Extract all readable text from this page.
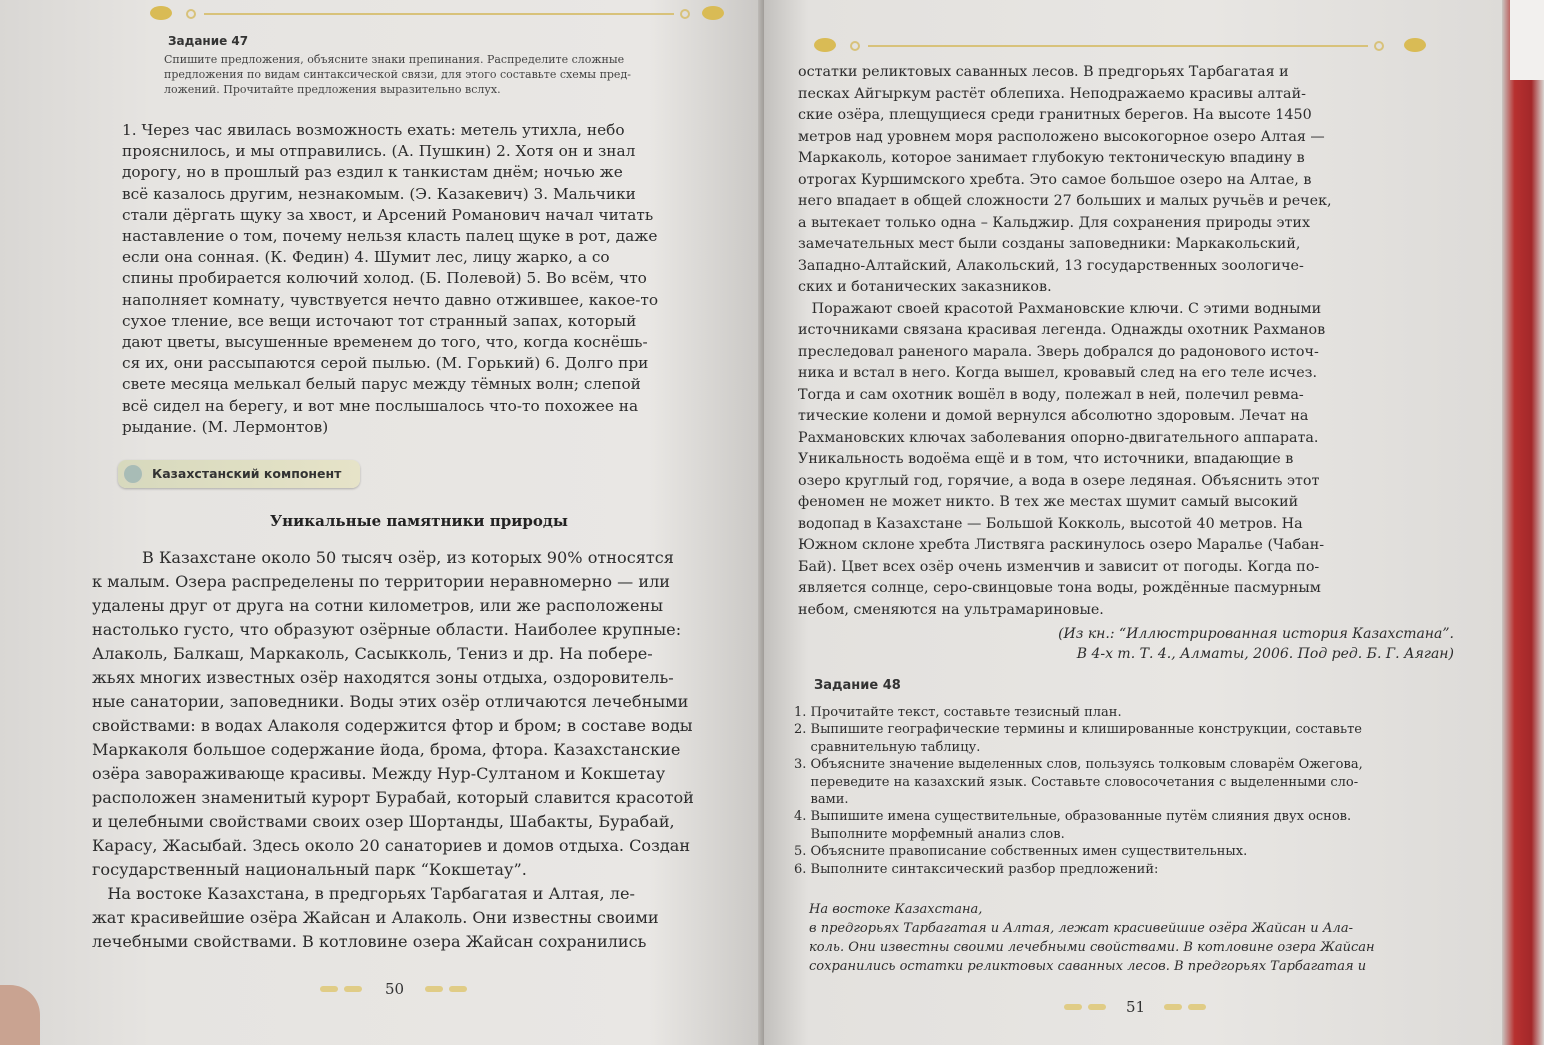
Задание 47
Спишите предложения, объясните знаки препинания. Распределите сложные
предложения по видам синтаксической связи, для этого составьте схемы пред-
ложений. Прочитайте предложения выразительно вслух.
1. Через час явилась возможность ехать: метель утихла, небо
прояснилось, и мы отправились. (А. Пушкин) 2. Хотя он и знал
дорогу, но в прошлый раз ездил к танкистам днём; ночью же
всё казалось другим, незнакомым. (Э. Казакевич) 3. Мальчики
стали дёргать щуку за хвост, и Арсений Романович начал читать
наставление о том, почему нельзя класть палец щуке в рот, даже
если она сонная. (К. Федин) 4. Шумит лес, лицу жарко, а со
спины пробирается колючий холод. (Б. Полевой) 5. Во всём, что
наполняет комнату, чувствуется нечто давно отжившее, какое-то
сухое тление, все вещи источают тот странный запах, который
дают цветы, высушенные временем до того, что, когда коснёшь-
ся их, они рассыпаются серой пылью. (М. Горький) 6. Долго при
свете месяца мелькал белый парус между тёмных волн; слепой
всё сидел на берегу, и вот мне послышалось что-то похожее на
рыдание. (М. Лермонтов)
Казахстанский компонент
Уникальные памятники природы
В Казахстане около 50 тысяч озёр, из которых 90% относятся
к малым. Озера распределены по территории неравномерно — или
удалены друг от друга на сотни километров, или же расположены
настолько густо, что образуют озёрные области. Наиболее крупные:
Алаколь, Балкаш, Маркаколь, Сасыкколь, Тениз и др. На побере-
жьях многих известных озёр находятся зоны отдыха, оздоровитель-
ные санатории, заповедники. Воды этих озёр отличаются лечебными
свойствами: в водах Алаколя содержится фтор и бром; в составе воды
Маркаколя большое содержание йода, брома, фтора. Казахстанские
озёра завораживающе красивы. Между Нур-Султаном и Кокшетау
расположен знаменитый курорт Бурабай, который славится красотой
и целебными свойствами своих озер Шортанды, Шабакты, Бурабай,
Карасу, Жасыбай. Здесь около 20 санаториев и домов отдыха. Создан
государственный национальный парк “Кокшетау”.
На востоке Казахстана, в предгорьях Тарбагатая и Алтая, ле-
жат красивейшие озёра Жайсан и Алаколь. Они известны своими
лечебными свойствами. В котловине озера Жайсан сохранились
50
остатки реликтовых саванных лесов. В предгорьях Тарбагатая и
песках Айгыркум растёт облепиха. Неподражаемо красивы алтай-
ские озёра, плещущиеся среди гранитных берегов. На высоте 1450
метров над уровнем моря расположено высокогорное озеро Алтая —
Маркаколь, которое занимает глубокую тектоническую впадину в
отрогах Куршимского хребта. Это самое большое озеро на Алтае, в
него впадает в общей сложности 27 больших и малых ручьёв и речек,
а вытекает только одна – Кальджир. Для сохранения природы этих
замечательных мест были созданы заповедники: Маркакольский,
Западно-Алтайский, Алакольский, 13 государственных зоологиче-
ских и ботанических заказников.
Поражают своей красотой Рахмановские ключи. С этими водными
источниками связана красивая легенда. Однажды охотник Рахманов
преследовал раненого марала. Зверь добрался до радонового источ-
ника и встал в него. Когда вышел, кровавый след на его теле исчез.
Тогда и сам охотник вошёл в воду, полежал в ней, полечил ревма-
тические колени и домой вернулся абсолютно здоровым. Лечат на
Рахмановских ключах заболевания опорно-двигательного аппарата.
Уникальность водоёма ещё и в том, что источники, впадающие в
озеро круглый год, горячие, а вода в озере ледяная. Объяснить этот
феномен не может никто. В тех же местах шумит самый высокий
водопад в Казахстане — Большой Кокколь, высотой 40 метров. На
Южном склоне хребта Листвяга раскинулось озеро Маралье (Чабан-
Бай). Цвет всех озёр очень изменчив и зависит от погоды. Когда по-
является солнце, серо-свинцовые тона воды, рождённые пасмурным
небом, сменяются на ультрамариновые.
(Из кн.: “Иллюстрированная история Казахстана”.
В 4-х т. Т. 4., Алматы, 2006. Под ред. Б. Г. Аяган)
Задание 48
1. Прочитайте текст, составьте тезисный план.
2. Выпишите географические термины и клишированные конструкции, составьте
сравнительную таблицу.
3. Объясните значение выделенных слов, пользуясь толковым словарём Ожегова,
переведите на казахский язык. Составьте словосочетания с выделенными сло-
вами.
4. Выпишите имена существительные, образованные путём слияния двух основ.
Выполните морфемный анализ слов.
5. Объясните правописание собственных имен существительных.
6. Выполните синтаксический разбор предложений:
На востоке Казахстана,
в предгорьях Тарбагатая и Алтая, лежат красивейшие озёра Жайсан и Ала-
коль. Они известны своими лечебными свойствами. В котловине озера Жайсан
сохранились остатки реликтовых саванных лесов. В предгорьях Тарбагатая и
51
